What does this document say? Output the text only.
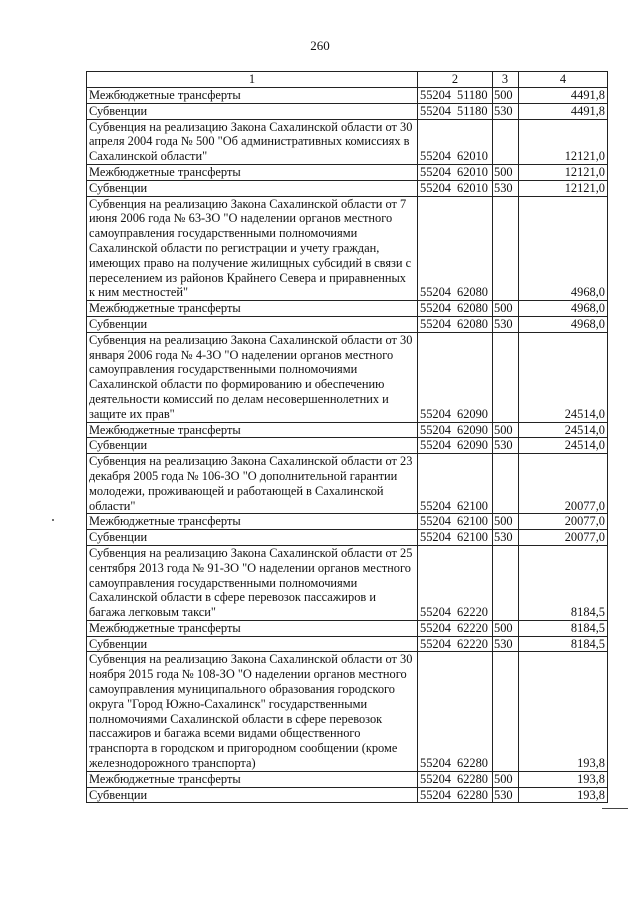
260
1	2	3	4
Межбюджетные трансферты	55204 51180	500	4491,8
Субвенции	55204 51180	530	4491,8
Субвенция на реализацию Закона Сахалинской области от 30 апреля 2004 года № 500 "Об административных комиссиях в Сахалинской области"	55204 62010		12121,0
Межбюджетные трансферты	55204 62010	500	12121,0
Субвенции	55204 62010	530	12121,0
Субвенция на реализацию Закона Сахалинской области от 7 июня 2006 года № 63-ЗО "О наделении органов местного самоуправления государственными полномочиями Сахалинской области по регистрации и учету граждан, имеющих право на получение жилищных субсидий в связи с переселением из районов Крайнего Севера и приравненных к ним местностей"	55204 62080		4968,0
Межбюджетные трансферты	55204 62080	500	4968,0
Субвенции	55204 62080	530	4968,0
Субвенция на реализацию Закона Сахалинской области от 30 января 2006 года № 4-ЗО "О наделении органов местного самоуправления государственными полномочиями Сахалинской области по формированию и обеспечению деятельности комиссий по делам несовершеннолетних и защите их прав"	55204 62090		24514,0
Межбюджетные трансферты	55204 62090	500	24514,0
Субвенции	55204 62090	530	24514,0
Субвенция на реализацию Закона Сахалинской области от 23 декабря 2005 года № 106-ЗО "О дополнительной гарантии молодежи, проживающей и работающей в Сахалинской области"	55204 62100		20077,0
Межбюджетные трансферты	55204 62100	500	20077,0
Субвенции	55204 62100	530	20077,0
Субвенция на реализацию Закона Сахалинской области от 25 сентября 2013 года № 91-ЗО "О наделении органов местного самоуправления государственными полномочиями Сахалинской области в сфере перевозок пассажиров и багажа легковым такси"	55204 62220		8184,5
Межбюджетные трансферты	55204 62220	500	8184,5
Субвенции	55204 62220	530	8184,5
Субвенция на реализацию Закона Сахалинской области от 30 ноября 2015 года № 108-ЗО "О наделении органов местного самоуправления муниципального образования городского округа "Город Южно-Сахалинск" государственными полномочиями Сахалинской области в сфере перевозок пассажиров и багажа всеми видами общественного транспорта в городском и пригородном сообщении (кроме железнодорожного транспорта)	55204 62280		193,8
Межбюджетные трансферты	55204 62280	500	193,8
Субвенции	55204 62280	530	193,8
